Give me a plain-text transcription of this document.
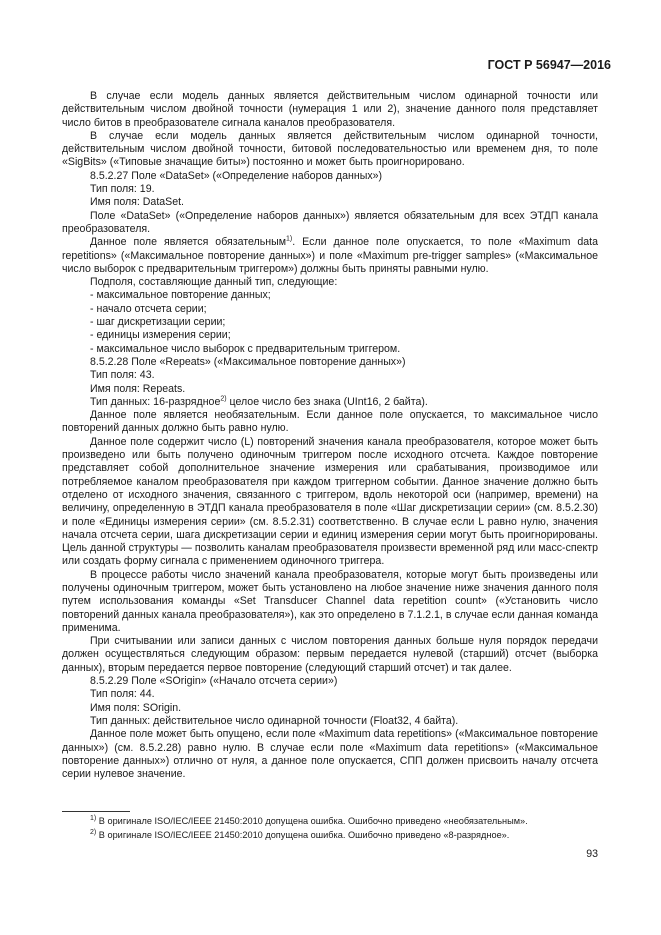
ГОСТ Р 56947—2016

В случае если модель данных является действительным числом одинарной точности или действительным числом двойной точности (нумерация 1 или 2), значение данного поля представляет число битов в преобразователе сигнала каналов преобразователя.

В случае если модель данных является действительным числом одинарной точности, действительным числом двойной точности, битовой последовательностью или временем дня, то поле «SigBits» («Типовые значащие биты») постоянно и может быть проигнорировано.

8.5.2.27 Поле «DataSet» («Определение наборов данных»)

Тип поля: 19.

Имя поля: DataSet.

Поле «DataSet» («Определение наборов данных») является обязательным для всех ЭТДП канала преобразователя.

Данное поле является обязательным$^{1)}$. Если данное поле опускается, то поле «Maximum data repetitions» («Максимальное повторение данных») и поле «Maximum pre-trigger samples» («Максимальное число выборок с предварительным триггером») должны быть приняты равными нулю.

Подполя, составляющие данный тип, следующие:

- максимальное повторение данных;

- начало отсчета серии;

- шаг дискретизации серии;

- единицы измерения серии;

- максимальное число выборок с предварительным триггером.

8.5.2.28 Поле «Repeats» («Максимальное повторение данных»)

Тип поля: 43.

Имя поля: Repeats.

Тип данных: 16-разрядное$^{2)}$ целое число без знака (UInt16, 2 байта).

Данное поле является необязательным. Если данное поле опускается, то максимальное число повторений данных должно быть равно нулю.

Данное поле содержит число (L) повторений значения канала преобразователя, которое может быть произведено или быть получено одиночным триггером после исходного отсчета. Каждое повторение представляет собой дополнительное значение измерения или срабатывания, производимое или потребляемое каналом преобразователя при каждом триггерном событии. Данное значение должно быть отделено от исходного значения, связанного с триггером, вдоль некоторой оси (например, времени) на величину, определенную в ЭТДП канала преобразователя в поле «Шаг дискретизации серии» (см. 8.5.2.30) и поле «Единицы измерения серии» (см. 8.5.2.31) соответственно. В случае если L равно нулю, значения начала отсчета серии, шага дискретизации серии и единиц измерения серии могут быть проигнорированы. Цель данной структуры — позволить каналам преобразователя произвести временной ряд или масс-спектр или создать форму сигнала с применением одиночного триггера.

В процессе работы число значений канала преобразователя, которые могут быть произведены или получены одиночным триггером, может быть установлено на любое значение ниже значения данного поля путем использования команды «Set Transducer Channel data repetition count» («Установить число повторений данных канала преобразователя»), как это определено в 7.1.2.1, в случае если данная команда применима.

При считывании или записи данных с числом повторения данных больше нуля порядок передачи должен осуществляться следующим образом: первым передается нулевой (старший) отсчет (выборка данных), вторым передается первое повторение (следующий старший отсчет) и так далее.

8.5.2.29 Поле «SOrigin» («Начало отсчета серии»)

Тип поля: 44.

Имя поля: SOrigin.

Тип данных: действительное число одинарной точности (Float32, 4 байта).

Данное поле может быть опущено, если поле «Maximum data repetitions» («Максимальное повторение данных») (см. 8.5.2.28) равно нулю. В случае если поле «Maximum data repetitions» («Максимальное повторение данных») отлично от нуля, а данное поле опускается, СПП должен присвоить началу отсчета серии нулевое значение.

$^{1)}$ В оригинале ISO/IEC/IEEE 21450:2010 допущена ошибка. Ошибочно приведено «необязательным».

$^{2)}$ В оригинале ISO/IEC/IEEE 21450:2010 допущена ошибка. Ошибочно приведено «8-разрядное».

93
